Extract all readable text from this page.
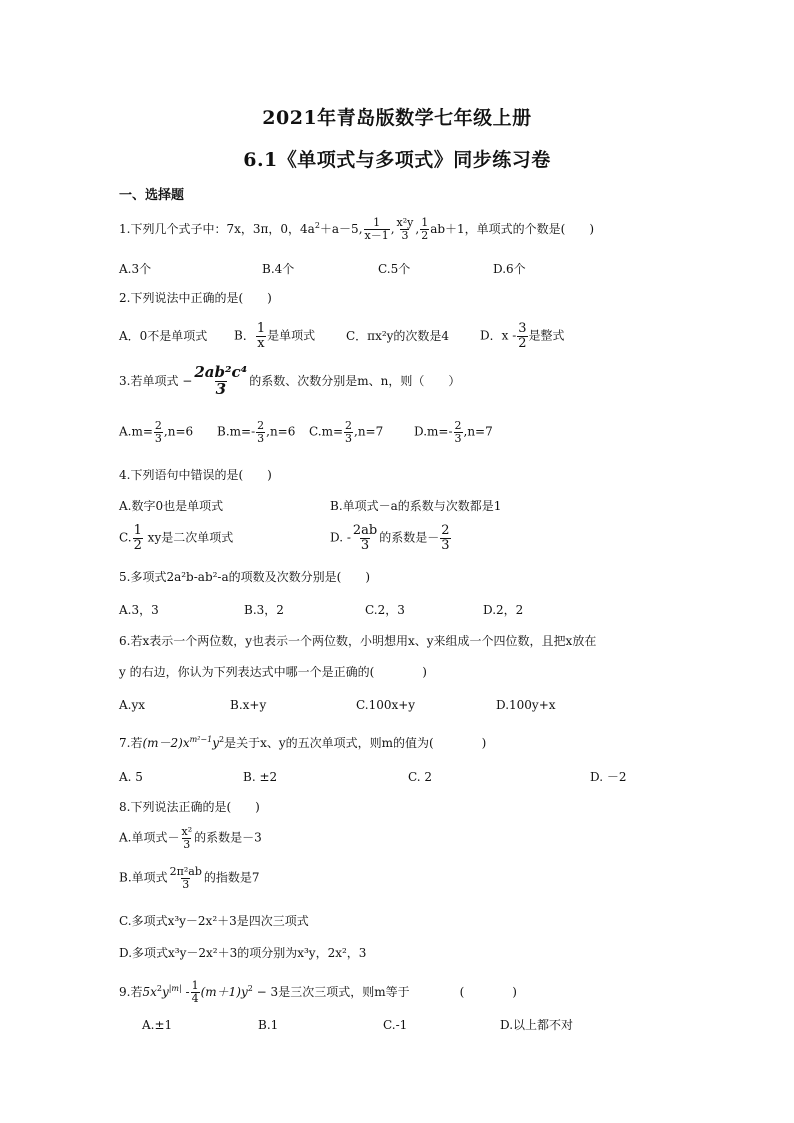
2021年青岛版数学七年级上册
6.1《单项式与多项式》同步练习卷
一、选择题
1.下列几个式子中：7x，3π，0，$4a^2+a-5$, $\frac{1}{x-1}$ , $\frac{\text{x²y}}{3}$ , $\frac{1}{2} ab+1$，单项式的个数是(　　)
A.3个	B.4个	C.5个	D.6个
2.下列说法中正确的是(　　)
A．0不是单项式 B． $\frac{1}{x}$ 是单项式	C．πx²y的次数是4	D．x - $\frac{3}{2}$ 是整式
3.若单项式 − $\frac{\text{2ab²c⁴}}{3}$ 的系数、次数分别是m、n，则（　　）
$A.m= \frac{2}{3} ,n=6$ $B.m=- \frac{2}{3} ,n=6$ $C.m= \frac{2}{3} ,n=7$	$D.m=- \frac{2}{3} ,n=7$
4.下列语句中错误的是(　　)
A.数字0也是单项式	B.单项式－a的系数与次数都是1
C. $\frac{1}{2}$ xy是二次单项式	D. - $\frac{2ab}{3}$ 的系数是－ $\frac{2}{3}$
5.多项式2a²b-ab²-a的项数及次数分别是(　　)
A.3，3	B.3，2	C.2，3	D.2，2
6.若x表示一个两位数，y也表示一个两位数，小明想用x、y来组成一个四位数，且把x放在
y 的右边，你认为下列表达式中哪一个是正确的(　　　　)
A.yx	B.x+y	C.100x+y	D.100y+x
7.若$(m-2)x^{m^2-1}y^2$是关于x、y的五次单项式，则m的值为(　　　　)
A. 5	B. ±2	C. 2	D. －2
8.下列说法正确的是(　　)
A.单项式－ $\frac{\text{x²}}{3}$ 的系数是－3
B.单项式 $\frac{\text{2π²ab}}{3}$ 的指数是7
C.多项式x³y－2x²＋3是四次三项式
D.多项式x³y－2x²＋3的项分别为x³y，2x²，3
9.若$5x^2y^{|m|} - \frac{1}{4} (m+1)y^2 - 3$是三次三项式，则m等于	(　　　　)
A.±1	B.1	C.-1	D.以上都不对
